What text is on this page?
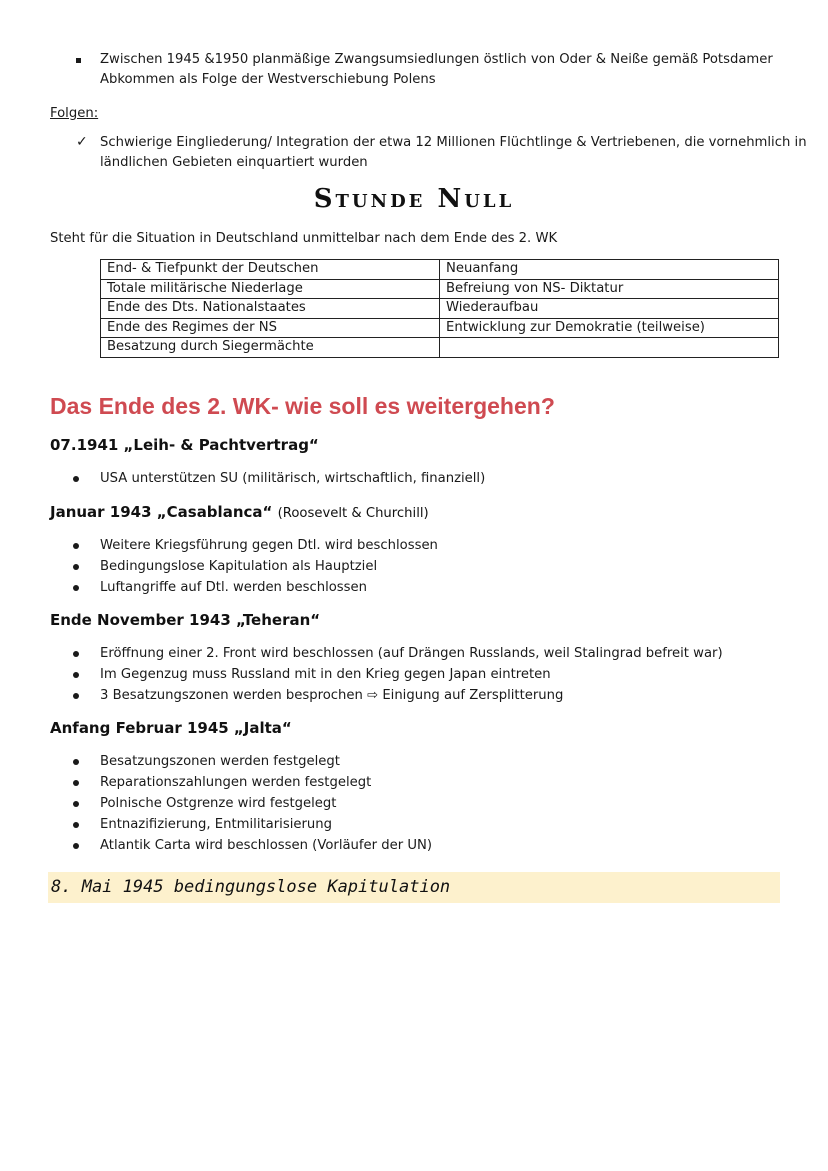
Zwischen 1945 &1950 planmäßige Zwangsumsiedlungen östlich von Oder & Neiße gemäß Potsdamer
Abkommen als Folge der Westverschiebung Polens
Folgen:
✓ Schwierige Eingliederung/ Integration der etwa 12 Millionen Flüchtlinge & Vertriebenen, die vornehmlich in
ländlichen Gebieten einquartiert wurden
Stunde Null
Steht für die Situation in Deutschland unmittelbar nach dem Ende des 2. WK
End- & Tiefpunkt der Deutschen	Neuanfang
Totale militärische Niederlage	Befreiung von NS- Diktatur
Ende des Dts. Nationalstaates	Wiederaufbau
Ende des Regimes der NS	Entwicklung zur Demokratie (teilweise)
Besatzung durch Siegermächte	
Das Ende des 2. WK- wie soll es weitergehen?
07.1941 „Leih- & Pachtvertrag“
USA unterstützen SU (militärisch, wirtschaftlich, finanziell)
Januar 1943 „Casablanca“ (Roosevelt & Churchill)
Weitere Kriegsführung gegen Dtl. wird beschlossen
Bedingungslose Kapitulation als Hauptziel
Luftangriffe auf Dtl. werden beschlossen
Ende November 1943 „Teheran“
Eröffnung einer 2. Front wird beschlossen (auf Drängen Russlands, weil Stalingrad befreit war)
Im Gegenzug muss Russland mit in den Krieg gegen Japan eintreten
3 Besatzungszonen werden besprochen ⇨ Einigung auf Zersplitterung
Anfang Februar 1945 „Jalta“
Besatzungszonen werden festgelegt
Reparationszahlungen werden festgelegt
Polnische Ostgrenze wird festgelegt
Entnazifizierung, Entmilitarisierung
Atlantik Carta wird beschlossen (Vorläufer der UN)
8. Mai 1945 bedingungslose Kapitulation
